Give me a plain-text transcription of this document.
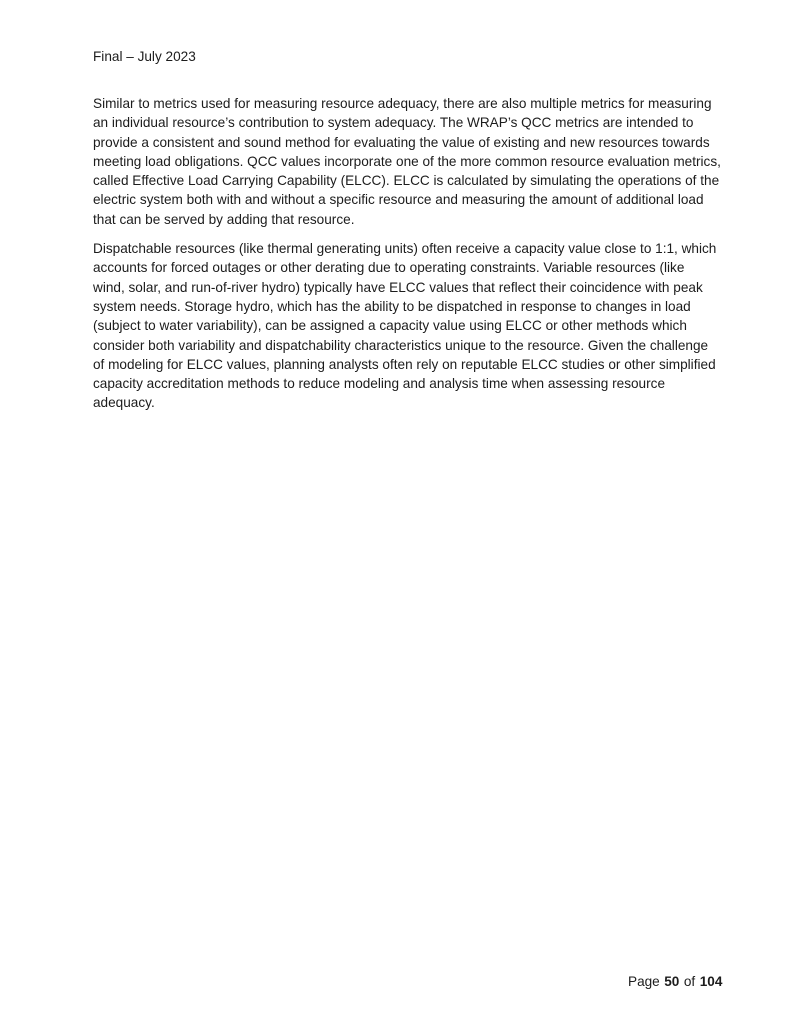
Final – July 2023
Similar to metrics used for measuring resource adequacy, there are also multiple metrics for measuring
an individual resource’s contribution to system adequacy. The WRAP’s QCC metrics are intended to
provide a consistent and sound method for evaluating the value of existing and new resources towards
meeting load obligations. QCC values incorporate one of the more common resource evaluation metrics,
called Effective Load Carrying Capability (ELCC). ELCC is calculated by simulating the operations of the
electric system both with and without a specific resource and measuring the amount of additional load
that can be served by adding that resource.
Dispatchable resources (like thermal generating units) often receive a capacity value close to 1:1, which
accounts for forced outages or other derating due to operating constraints. Variable resources (like
wind, solar, and run-of-river hydro) typically have ELCC values that reflect their coincidence with peak
system needs. Storage hydro, which has the ability to be dispatched in response to changes in load
(subject to water variability), can be assigned a capacity value using ELCC or other methods which
consider both variability and dispatchability characteristics unique to the resource. Given the challenge
of modeling for ELCC values, planning analysts often rely on reputable ELCC studies or other simplified
capacity accreditation methods to reduce modeling and analysis time when assessing resource
adequacy.
Page 50 of 104
